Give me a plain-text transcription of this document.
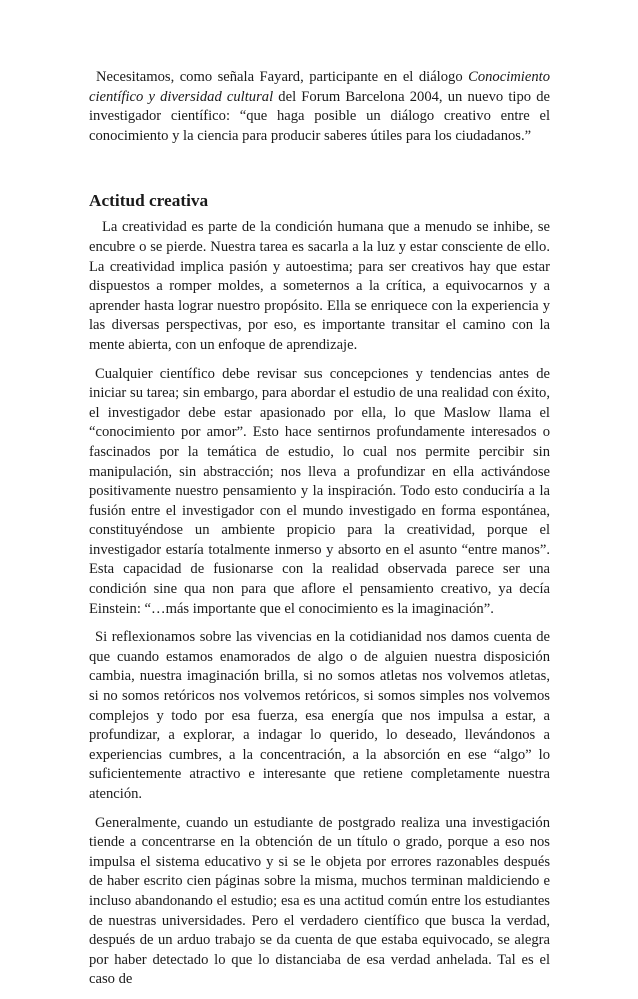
Necesitamos, como señala Fayard, participante en el diálogo Conocimiento científico y diversidad cultural del Forum Barcelona 2004, un nuevo tipo de investigador científico: “que haga posible un diálogo creativo entre el conocimiento y la ciencia para producir saberes útiles para los ciudadanos.”

Actitud creativa

La creatividad es parte de la condición humana que a menudo se inhibe, se encubre o se pierde. Nuestra tarea es sacarla a la luz y estar consciente de ello. La creatividad implica pasión y autoestima; para ser creativos hay que estar dispuestos a romper moldes, a someternos a la crítica, a equivocarnos y a aprender hasta lograr nuestro propósito. Ella se enriquece con la experiencia y las diversas perspectivas, por eso, es importante transitar el camino con la mente abierta, con un enfoque de aprendizaje.

Cualquier científico debe revisar sus concepciones y tendencias antes de iniciar su tarea; sin embargo, para abordar el estudio de una realidad con éxito, el investigador debe estar apasionado por ella, lo que Maslow llama el “conocimiento por amor”. Esto hace sentirnos profundamente interesados o fascinados por la temática de estudio, lo cual nos permite percibir sin manipulación, sin abstracción; nos lleva a profundizar en ella activándose positivamente nuestro pensamiento y la inspiración. Todo esto conduciría a la fusión entre el investigador con el mundo investigado en forma espontánea, constituyéndose un ambiente propicio para la creatividad, porque el investigador estaría totalmente inmerso y absorto en el asunto “entre manos”. Esta capacidad de fusionarse con la realidad observada parece ser una condición sine qua non para que aflore el pensamiento creativo, ya decía Einstein: “…más importante que el conocimiento es la imaginación”.

Si reflexionamos sobre las vivencias en la cotidianidad nos damos cuenta de que cuando estamos enamorados de algo o de alguien nuestra disposición cambia, nuestra imaginación brilla, si no somos atletas nos volvemos atletas, si no somos retóricos nos volvemos retóricos, si somos simples nos volvemos complejos y todo por esa fuerza, esa energía que nos impulsa a estar, a profundizar, a explorar, a indagar lo querido, lo deseado, llevándonos a experiencias cumbres, a la concentración, a la absorción en ese “algo” lo suficientemente atractivo e interesante que retiene completamente nuestra atención.

Generalmente, cuando un estudiante de postgrado realiza una investigación tiende a concentrarse en la obtención de un título o grado, porque a eso nos impulsa el sistema educativo y si se le objeta por errores razonables después de haber escrito cien páginas sobre la misma, muchos terminan maldiciendo e incluso abandonando el estudio; esa es una actitud común entre los estudiantes de nuestras universidades. Pero el verdadero científico que busca la verdad, después de un arduo trabajo se da cuenta de que estaba equivocado, se alegra por haber detectado lo que lo distanciaba de esa verdad anhelada. Tal es el caso de
